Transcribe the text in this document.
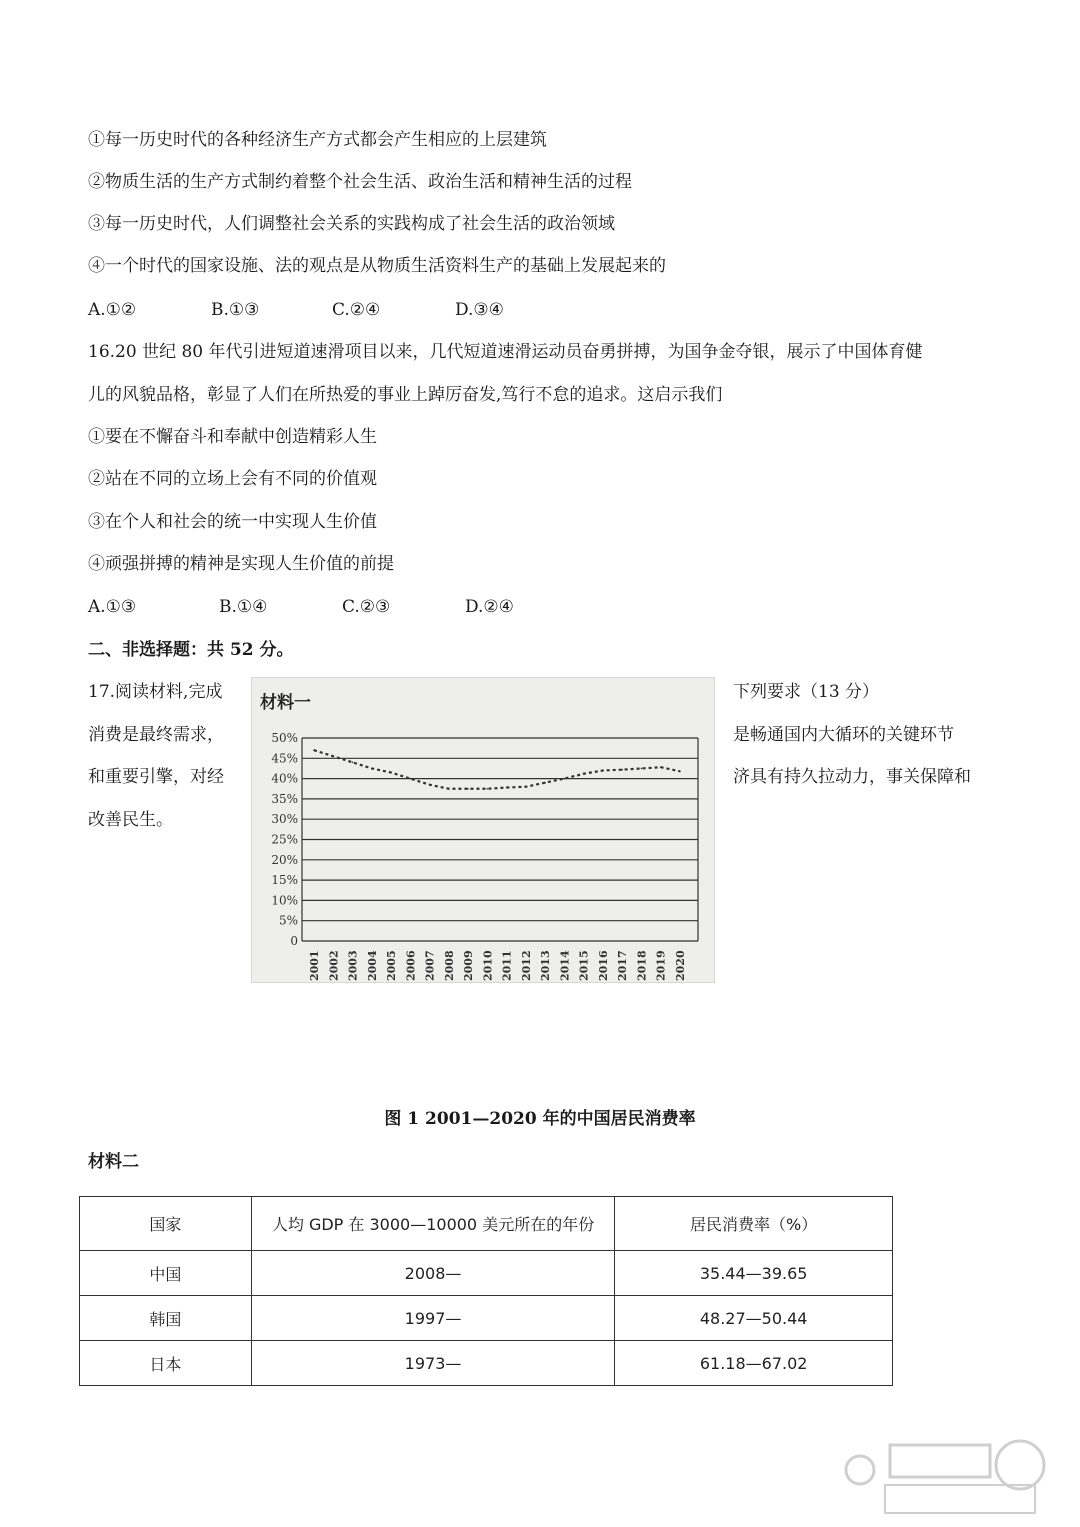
①每一历史时代的各种经济生产方式都会产生相应的上层建筑
②物质生活的生产方式制约着整个社会生活、政治生活和精神生活的过程
③每一历史时代，人们调整社会关系的实践构成了社会生活的政治领域
④一个时代的国家设施、法的观点是从物质生活资料生产的基础上发展起来的
A.①②	B.①③	C.②④	D.③④
16.20 世纪 80 年代引进短道速滑项目以来，几代短道速滑运动员奋勇拼搏，为国争金夺银，展示了中国体育健
儿的风貌品格，彰显了人们在所热爱的事业上踔厉奋发,笃行不怠的追求。这启示我们
①要在不懈奋斗和奉献中创造精彩人生
②站在不同的立场上会有不同的价值观
③在个人和社会的统一中实现人生价值
④顽强拼搏的精神是实现人生价值的前提
A.①③	B.①④	C.②③	D.②④
二、非选择题：共 52 分。
17.阅读材料,完成
消费是最终需求，
和重要引擎，对经
改善民生。
下列要求（13 分）
是畅通国内大循环的关键环节
济具有持久拉动力，事关保障和
材料一
0
5%
10%
15%
20%
25%
30%
35%
40%
45%
50%
2001 2002 2003 2004 2005 2006 2007 2008 2009 2010 2011 2012 2013 2014 2015 2016 2017 2018 2019 2020
图 1 2001—2020 年的中国居民消费率
材料二
国家	人均 GDP 在 3000—10000 美元所在的年份	居民消费率（%）
中国	2008—	35.44—39.65
韩国	1997—	48.27—50.44
日本	1973—	61.18—67.02
